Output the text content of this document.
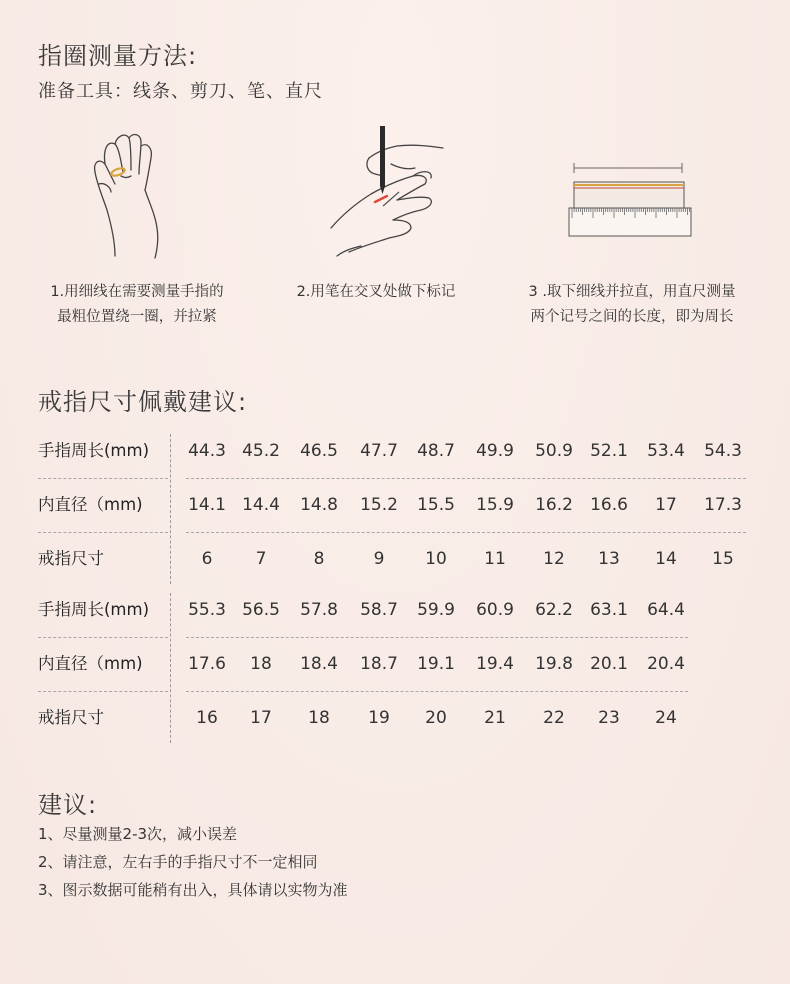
指圈测量方法:
准备工具：线条、剪刀、笔、直尺
1.用细线在需要测量手指的
最粗位置绕一圈，并拉紧
2.用笔在交叉处做下标记	3 .取下细线并拉直，用直尺测量
两个记号之间的长度，即为周长
戒指尺寸佩戴建议:
手指周长(mm)	44.3 45.2	46.5	47.7	48.7	49.9	50.9	52.1	53.4	54.3
内直径（mm)	14.1 14.4	14.8	15.2	15.5	15.9	16.2	16.6	17	17.3
戒指尺寸	6	7	8	9	10	11	12	13	14	15
手指周长(mm)	55.3 56.5	57.8	58.7	59.9	60.9	62.2	63.1	64.4
内直径（mm)	17.6	18	18.4	18.7	19.1	19.4	19.8	20.1	20.4
戒指尺寸	16	17	18	19	20	21	22	23	24
建议:
1、尽量测量2-3次，减小误差
2、请注意，左右手的手指尺寸不一定相同
3、图示数据可能稍有出入，具体请以实物为准
